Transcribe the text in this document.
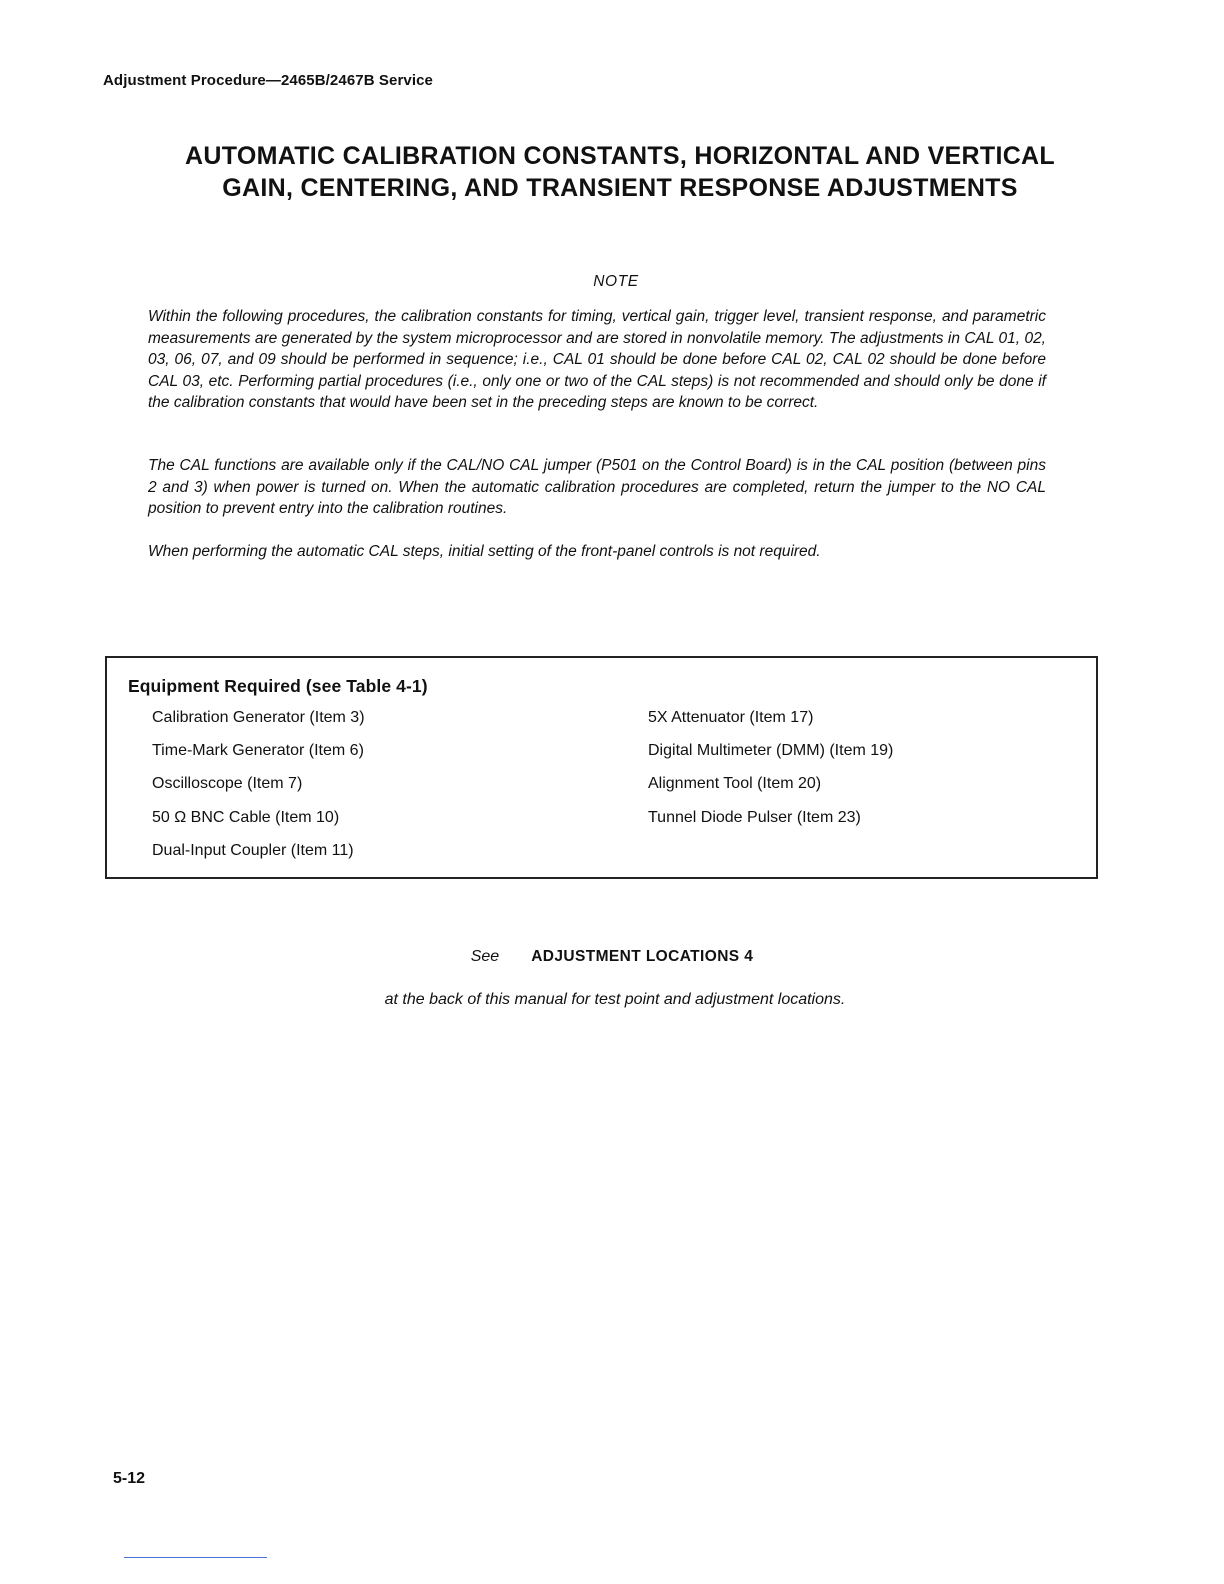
Adjustment Procedure—2465B/2467B Service
AUTOMATIC CALIBRATION CONSTANTS, HORIZONTAL AND VERTICAL
GAIN, CENTERING, AND TRANSIENT RESPONSE ADJUSTMENTS
NOTE

Within the following procedures, the calibration constants for timing, vertical gain, trigger level, transient response, and parametric measurements are generated by the system microprocessor and are stored in nonvolatile memory. The adjustments in CAL 01, 02, 03, 06, 07, and 09 should be performed in sequence; i.e., CAL 01 should be done before CAL 02, CAL 02 should be done before CAL 03, etc. Performing partial procedures (i.e., only one or two of the CAL steps) is not recommended and should only be done if the calibration constants that would have been set in the preceding steps are known to be correct.

The CAL functions are available only if the CAL/NO CAL jumper (P501 on the Control Board) is in the CAL position (between pins 2 and 3) when power is turned on. When the automatic calibration procedures are completed, return the jumper to the NO CAL position to prevent entry into the calibration routines.

When performing the automatic CAL steps, initial setting of the front-panel controls is not required.

Equipment Required (see Table 4-1)
Calibration Generator (Item 3)
Time-Mark Generator (Item 6)
Oscilloscope (Item 7)
50 Ω BNC Cable (Item 10)
Dual-Input Coupler (Item 11)
5X Attenuator (Item 17)
Digital Multimeter (DMM) (Item 19)
Alignment Tool (Item 20)
Tunnel Diode Pulser (Item 23)
See ADJUSTMENT LOCATIONS 4
at the back of this manual for test point and adjustment locations.
5-12
